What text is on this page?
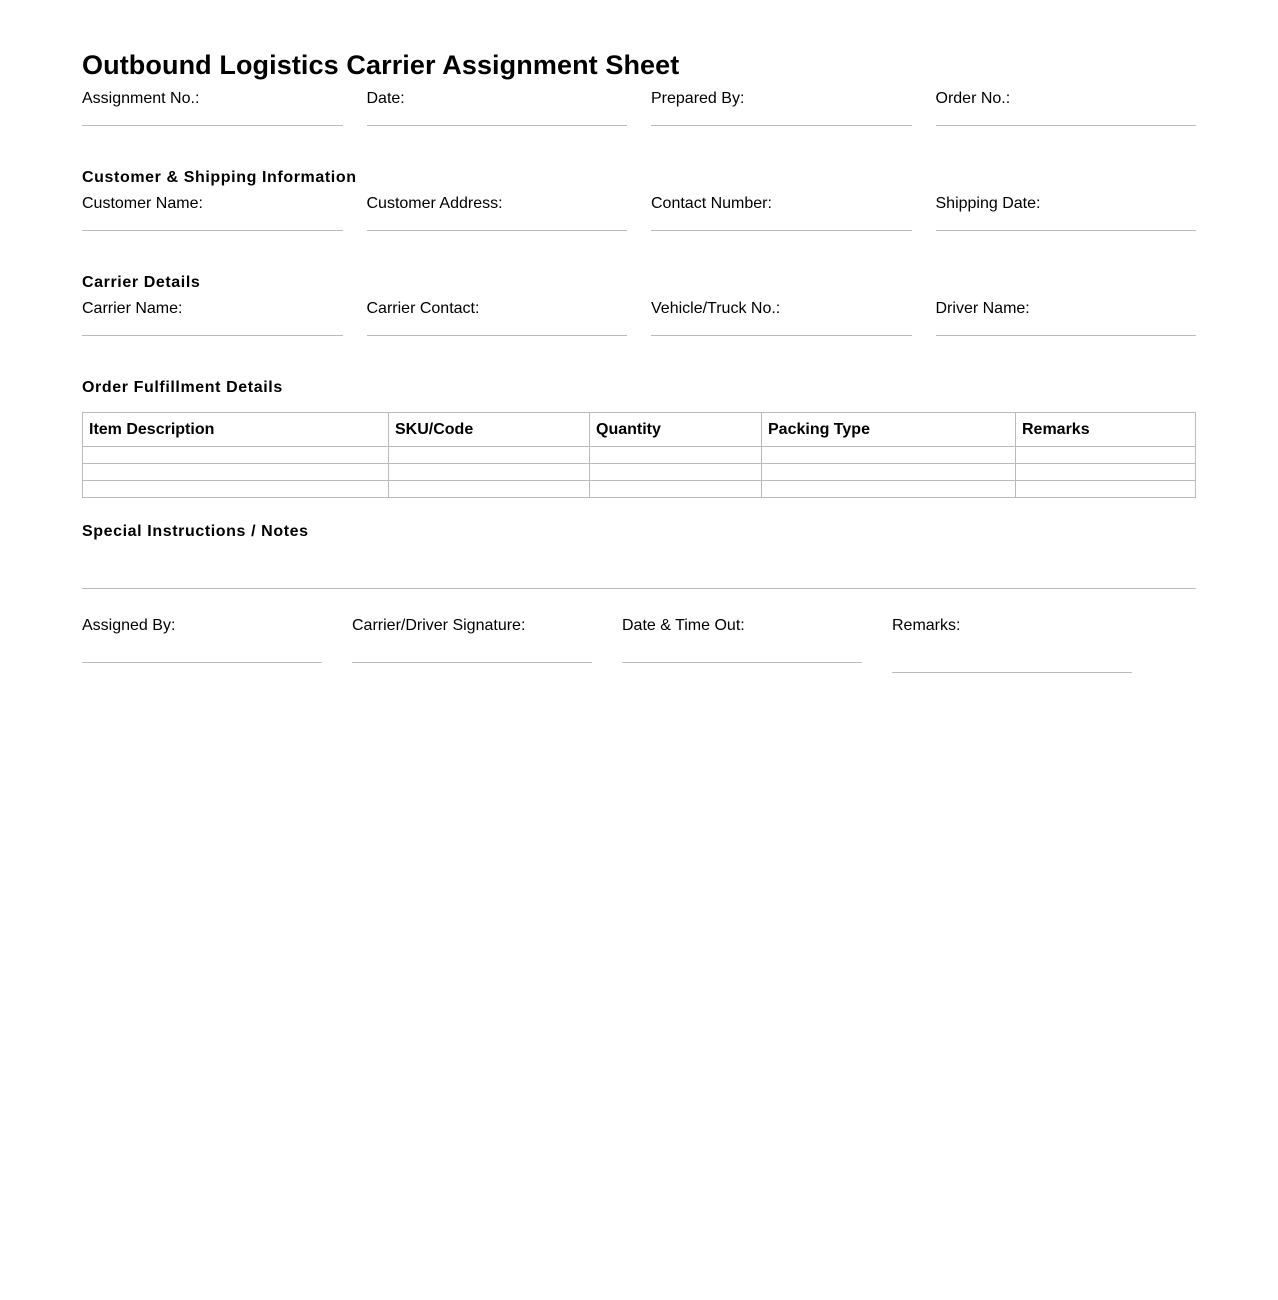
Outbound Logistics Carrier Assignment Sheet
Assignment No.:	Date:	Prepared By:	Order No.:
Customer & Shipping Information
Customer Name:	Customer Address:	Contact Number:	Shipping Date:
Carrier Details
Carrier Name:	Carrier Contact:	Vehicle/Truck No.:	Driver Name:
Order Fulfillment Details
Item Description	SKU/Code	Quantity	Packing Type	Remarks

Special Instructions / Notes
Assigned By:	Carrier/Driver Signature:	Date & Time Out:	Remarks:
